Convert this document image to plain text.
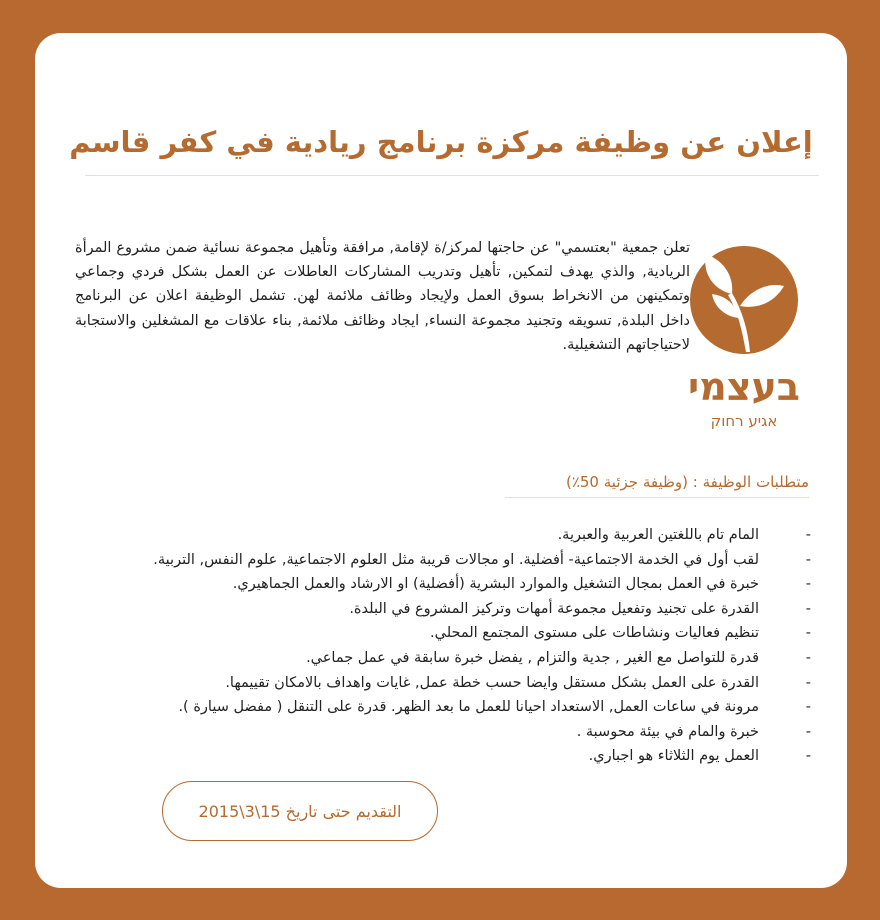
إعلان عن وظيفة مركزة برنامج ريادية في كفر قاسم
בעצמי
אגיע רחוק
تعلن جمعية "بعتسمي" عن حاجتها لمركز/ة لإقامة, مرافقة وتأهيل مجموعة نسائية ضمن مشروع المرأة الريادية, والذي يهدف لتمكين, تأهيل وتدريب المشاركات العاطلات عن العمل بشكل فردي وجماعي وتمكينهن من الانخراط بسوق العمل ولإيجاد وظائف ملائمة لهن. تشمل الوظيفة اعلان عن البرنامج داخل البلدة, تسويقه وتجنيد مجموعة النساء, ايجاد وظائف ملائمة, بناء علاقات مع المشغلين والاستجابة لاحتياجاتهم التشغيلية.
متطلبات الوظيفة : (وظيفة جزئية 50٪)
-المام تام باللغتين العربية والعبرية.
-لقب أول في الخدمة الاجتماعية- أفضلية. او مجالات قريبة مثل العلوم الاجتماعية, علوم النفس, التربية.
-خبرة في العمل بمجال التشغيل والموارد البشرية (أفضلية) او الارشاد والعمل الجماهيري.
-القدرة على تجنيد وتفعيل مجموعة أمهات وتركيز المشروع في البلدة.
-تنظيم فعاليات ونشاطات على مستوى المجتمع المحلي.
-قدرة للتواصل مع الغير , جدية والتزام , يفضل خبرة سابقة في عمل جماعي.
-القدرة على العمل بشكل مستقل وايضا حسب خطة عمل, غايات واهداف بالامكان تقييمها.
-مرونة في ساعات العمل, الاستعداد احيانا للعمل ما بعد الظهر. قدرة على التنقل ( مفضل سيارة ).
-خبرة والمام في بيئة محوسبة .
-العمل يوم الثلاثاء هو اجباري.
التقديم حتى تاريخ 15\3\2015
